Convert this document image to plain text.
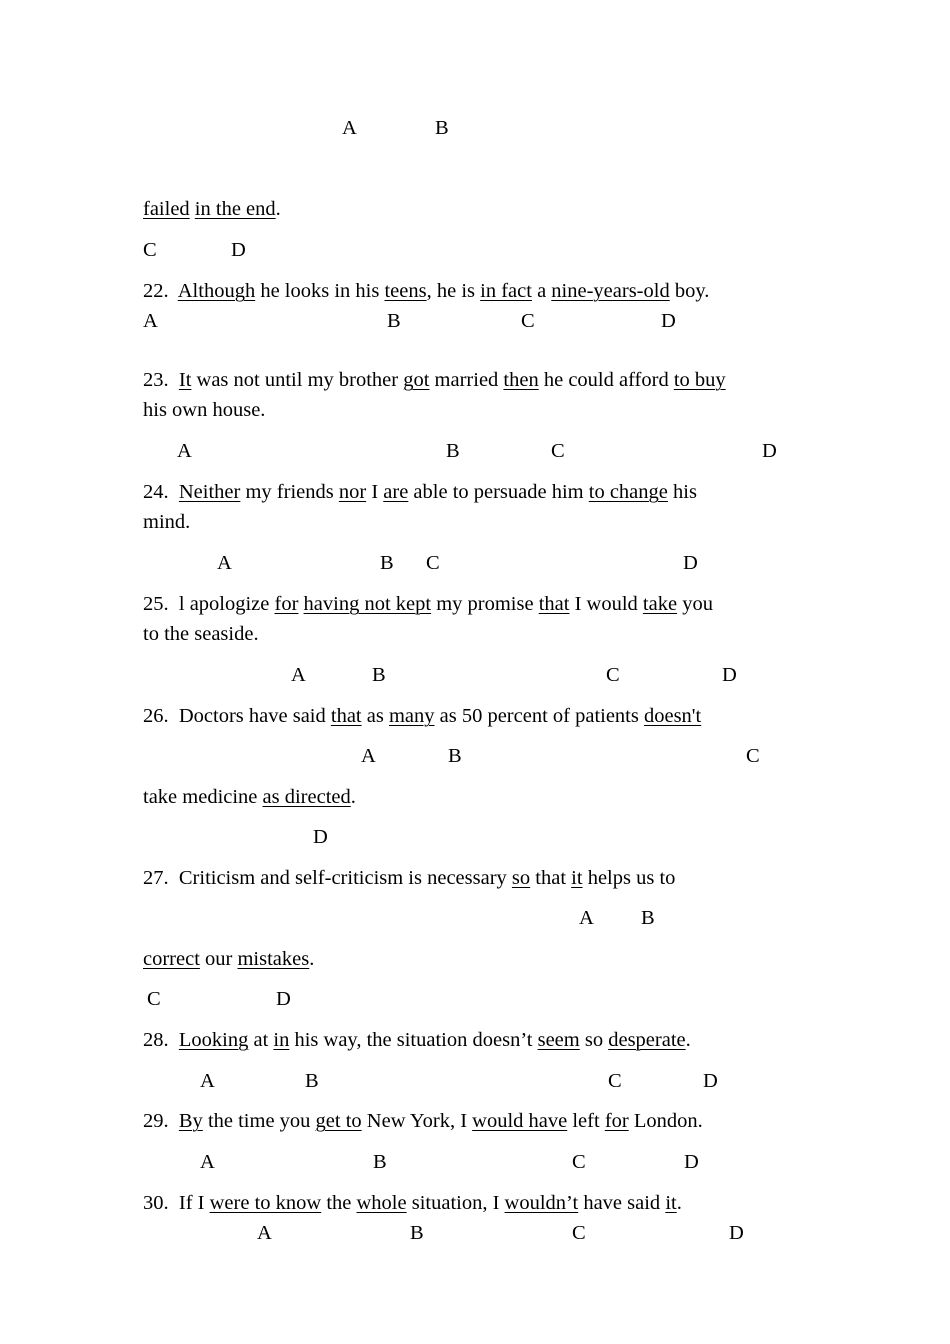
A	B
failed in the end.
C	D
22.  Although he looks in his teens, he is in fact a nine-years-old boy.
A	B	C	D
23.  It was not until my brother got married then he could afford to buy
his own house.
A	B	C	D
24.  Neither my friends nor I are able to persuade him to change his
mind.
A	B C	D
25.  l apologize for having not kept my promise that I would take you
to the seaside.
A	B	C	D
26.  Doctors have said that as many as 50 percent of patients doesn't
A	B	C
take medicine as directed.
D
27.  Criticism and self-criticism is necessary so that it helps us to
A B
correct our mistakes.
C	D
28.  Looking at in his way, the situation doesn’t seem so desperate.
A	B	C	D
29.  By the time you get to New York, I would have left for London.
A	B	C	D
30.  If I were to know the whole situation, I wouldn’t have said it.
A	B	C	D
